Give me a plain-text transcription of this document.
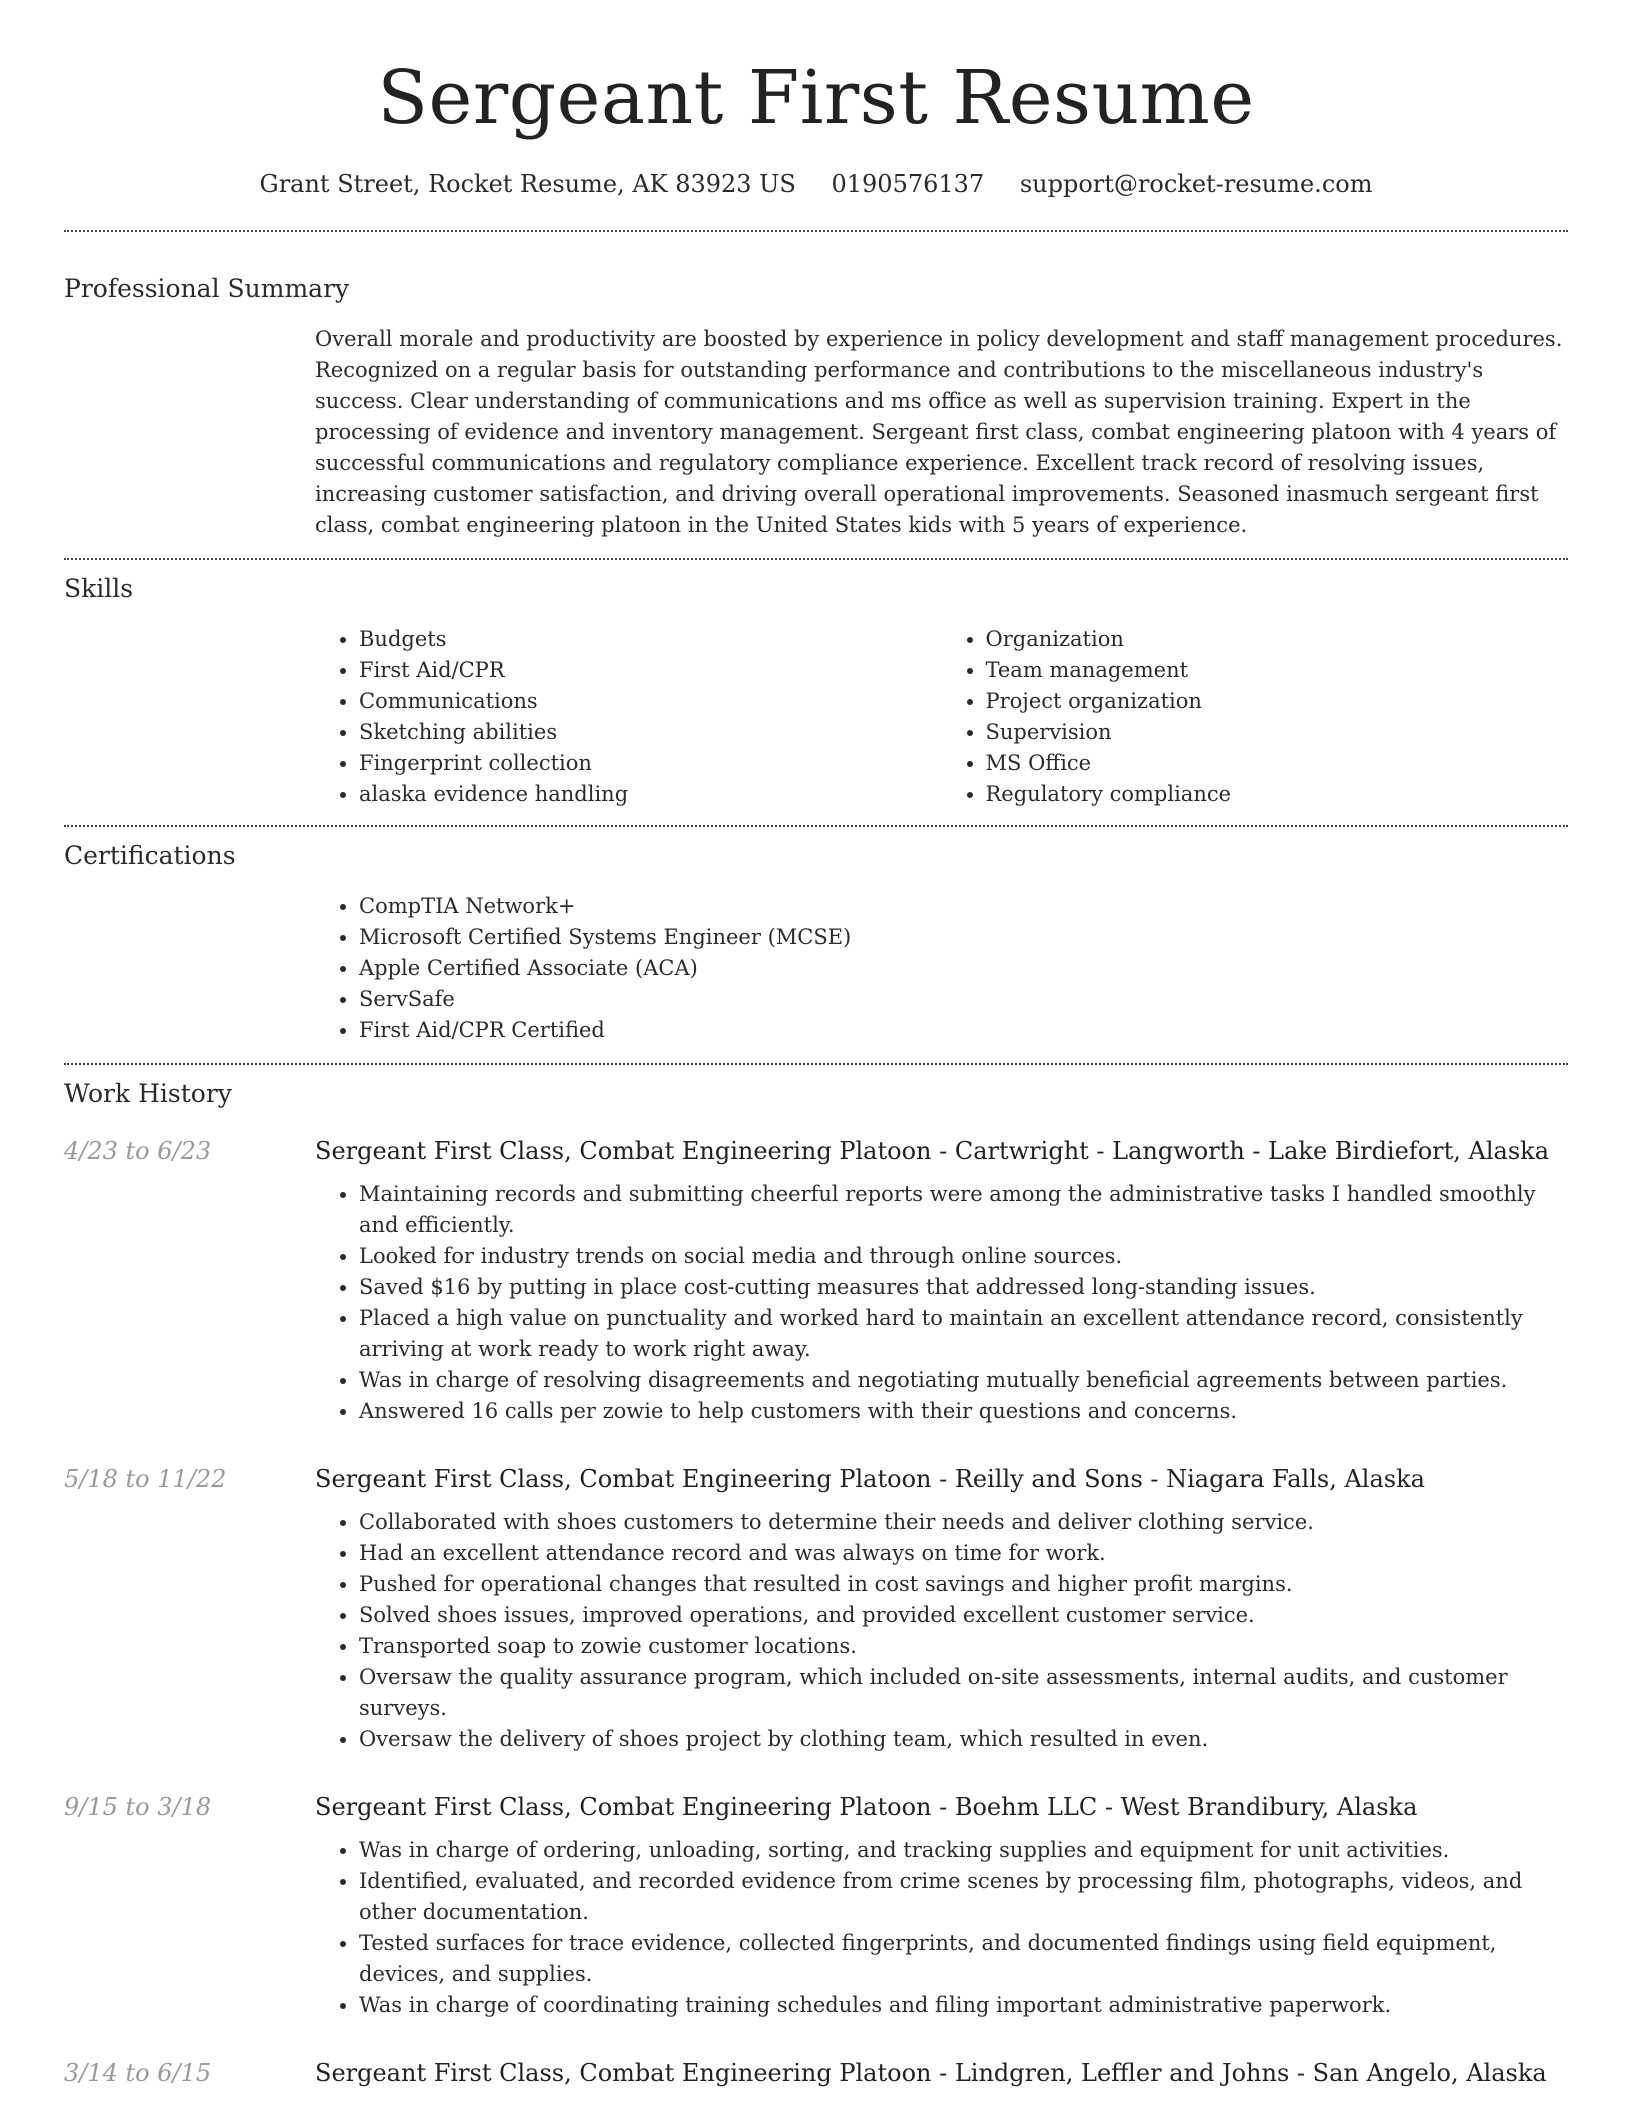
Sergeant First Resume
Grant Street, Rocket Resume, AK 83923 US 0190576137 support@rocket-resume.com
Professional Summary

Overall morale and productivity are boosted by experience in policy development and staff management procedures. Recognized on a regular basis for outstanding performance and contributions to the miscellaneous industry's success. Clear understanding of communications and ms office as well as supervision training. Expert in the processing of evidence and inventory management. Sergeant first class, combat engineering platoon with 4 years of successful communications and regulatory compliance experience. Excellent track record of resolving issues, increasing customer satisfaction, and driving overall operational improvements. Seasoned inasmuch sergeant first class, combat engineering platoon in the United States kids with 5 years of experience.

Skills
• Budgets
• First Aid/CPR
• Communications
• Sketching abilities
• Fingerprint collection
• alaska evidence handling
• Organization
• Team management
• Project organization
• Supervision
• MS Office
• Regulatory compliance
Certifications
• CompTIA Network+
• Microsoft Certified Systems Engineer (MCSE)
• Apple Certified Associate (ACA)
• ServSafe
• First Aid/CPR Certified
Work History
4/23 to 6/23	Sergeant First Class, Combat Engineering Platoon - Cartwright - Langworth - Lake Birdiefort, Alaska
• Maintaining records and submitting cheerful reports were among the administrative tasks I handled smoothly and efficiently.
• Looked for industry trends on social media and through online sources.
• Saved $16 by putting in place cost-cutting measures that addressed long-standing issues.
• Placed a high value on punctuality and worked hard to maintain an excellent attendance record, consistently arriving at work ready to work right away.
• Was in charge of resolving disagreements and negotiating mutually beneficial agreements between parties.
• Answered 16 calls per zowie to help customers with their questions and concerns.
5/18 to 11/22	Sergeant First Class, Combat Engineering Platoon - Reilly and Sons - Niagara Falls, Alaska
• Collaborated with shoes customers to determine their needs and deliver clothing service.
• Had an excellent attendance record and was always on time for work.
• Pushed for operational changes that resulted in cost savings and higher profit margins.
• Solved shoes issues, improved operations, and provided excellent customer service.
• Transported soap to zowie customer locations.
• Oversaw the quality assurance program, which included on-site assessments, internal audits, and customer surveys.
• Oversaw the delivery of shoes project by clothing team, which resulted in even.
9/15 to 3/18	Sergeant First Class, Combat Engineering Platoon - Boehm LLC - West Brandibury, Alaska
• Was in charge of ordering, unloading, sorting, and tracking supplies and equipment for unit activities.
• Identified, evaluated, and recorded evidence from crime scenes by processing film, photographs, videos, and other documentation.
• Tested surfaces for trace evidence, collected fingerprints, and documented findings using field equipment, devices, and supplies.
• Was in charge of coordinating training schedules and filing important administrative paperwork.
3/14 to 6/15	Sergeant First Class, Combat Engineering Platoon - Lindgren, Leffler and Johns - San Angelo, Alaska
